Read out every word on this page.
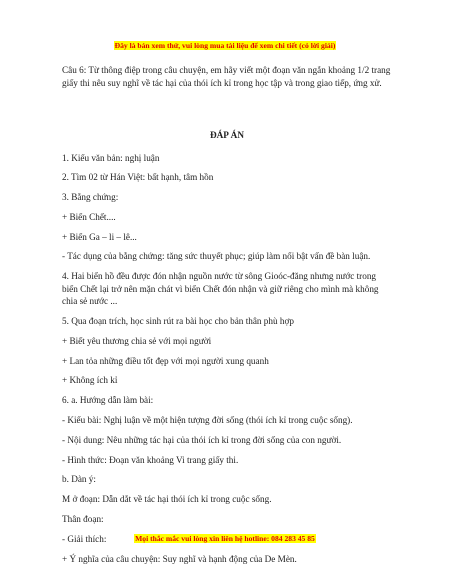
Đây là bản xem thử, vui lòng mua tài liệu để xem chi tiết (có lời giải)

Câu 6: Từ thông điệp trong câu chuyện, em hãy viết một đoạn văn ngắn khoảng 1/2 trang giấy thi nêu suy nghĩ về tác hại của thói ích kỉ trong học tập và trong giao tiếp, ứng xử.

ĐÁP ÁN

1. Kiểu văn bản: nghị luận

2. Tìm 02 từ Hán Việt: bất hạnh, tâm hồn

3. Bằng chứng:

+ Biển Chết....

+ Biển Ga – li – lê...

- Tác dụng của bằng chứng: tăng sức thuyết phục; giúp làm nổi bật vấn đề bàn luận.

4. Hai biển hồ đều được đón nhận nguồn nước từ sông Gioóc-đăng nhưng nước trong biển Chết lại trở nên mặn chát vì biển Chết đón nhận và giữ riêng cho mình mà không chia sẻ nước ...

5. Qua đoạn trích, học sinh rút ra bài học cho bản thân phù hợp

+ Biết yêu thương chia sẻ với mọi người

+ Lan tỏa những điều tốt đẹp với mọi người xung quanh

+ Không ích kỉ

6. a. Hướng dẫn làm bài:

- Kiểu bài: Nghị luận về một hiện tượng đời sống (thói ích kỉ trong cuộc sống).

- Nội dung: Nêu những tác hại của thói ích kỉ trong đời sống của con người.

- Hình thức: Đoạn văn khoảng Vi trang giấy thi.

b. Dàn ý:

M ở đoạn: Dẫn dắt về tác hại thói ích kỉ trong cuộc sống.

Thân đoạn:

- Giải thích:

+ Ý nghĩa của câu chuyện: Suy nghĩ và hạnh động của De Mèn.

Mọi thắc mắc vui lòng xin liên hệ hotline: 084 283 45 85
